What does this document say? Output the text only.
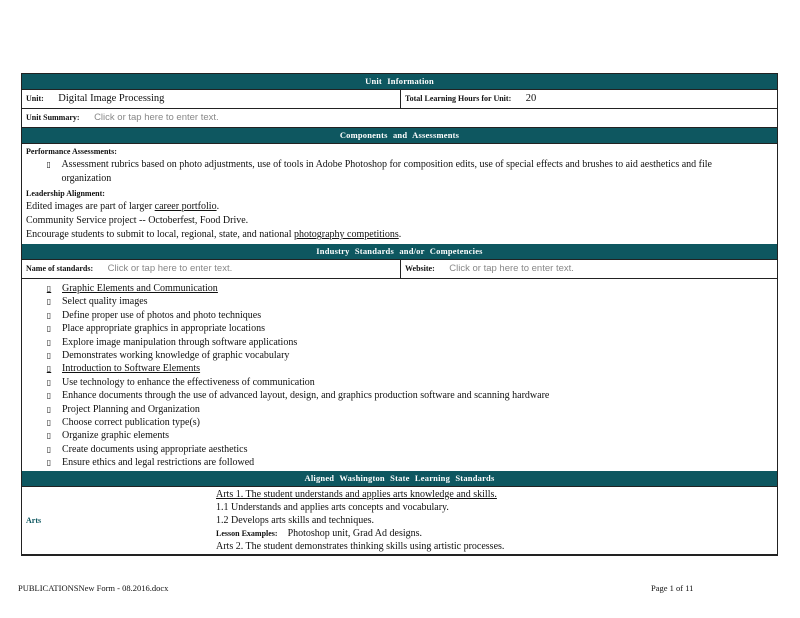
Unit Information
Unit: Digital Image Processing	Total Learning Hours for Unit: 20
Unit Summary: Click or tap here to enter text.
Components and Assessments
Performance Assessments:
▯	Assessment rubrics based on photo adjustments, use of tools in Adobe Photoshop for composition edits, use of special effects and brushes to aid aesthetics and file organization
Leadership Alignment:
Edited images are part of larger career portfolio.
Community Service project -- Octoberfest, Food Drive.
Encourage students to submit to local, regional, state, and national photography competitions.
Industry Standards and/or Competencies
Name of standards: Click or tap here to enter text.	Website: Click or tap here to enter text.
▯	Graphic Elements and Communication
▯	Select quality images
▯	Define proper use of photos and photo techniques
▯	Place appropriate graphics in appropriate locations
▯	Explore image manipulation through software applications
▯	Demonstrates working knowledge of graphic vocabulary
▯	Introduction to Software Elements
▯	Use technology to enhance the effectiveness of communication
▯	Enhance documents through the use of advanced layout, design, and graphics production software and scanning hardware
▯	Project Planning and Organization
▯	Choose correct publication type(s)
▯	Organize graphic elements
▯	Create documents using appropriate aesthetics
▯	Ensure ethics and legal restrictions are followed
Aligned Washington State Learning Standards
Arts
Arts 1. The student understands and applies arts knowledge and skills.
1.1 Understands and applies arts concepts and vocabulary.
1.2 Develops arts skills and techniques.
Lesson Examples: Photoshop unit, Grad Ad designs.
Arts 2. The student demonstrates thinking skills using artistic processes.
PUBLICATIONSNew Form - 08.2016.docx	Page 1 of 11
